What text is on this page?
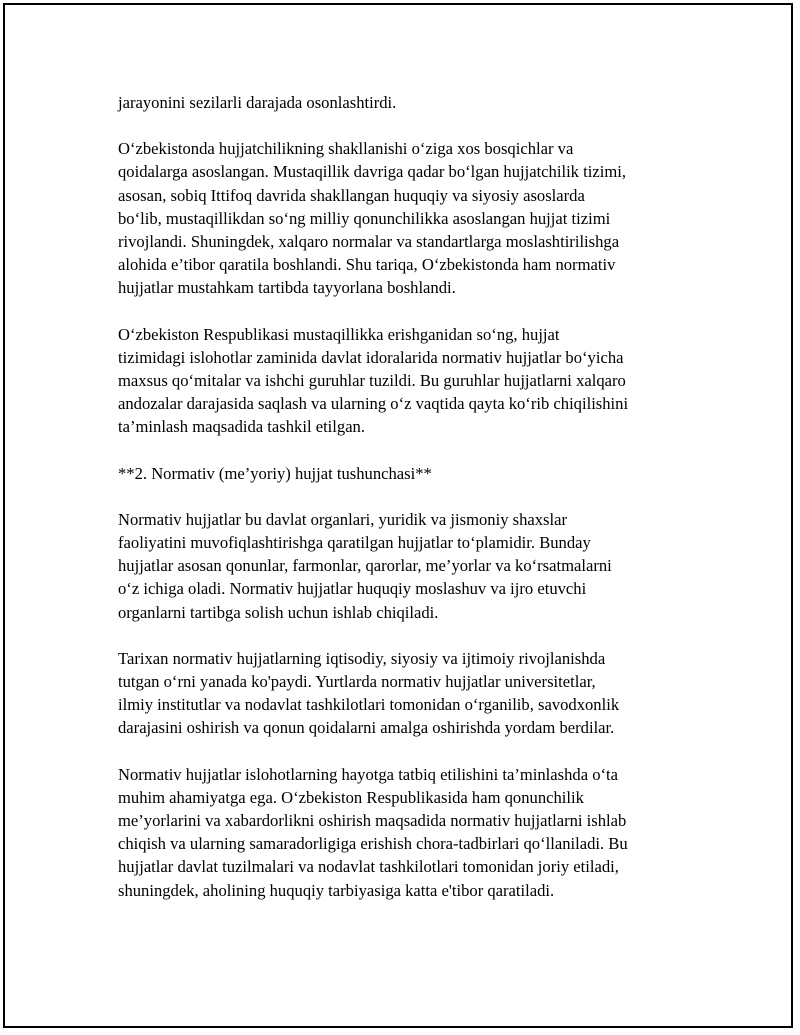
jarayonini sezilarli darajada osonlashtirdi.

O‘zbekistonda hujjatchilikning shakllanishi o‘ziga xos bosqichlar va
qoidalarga asoslangan. Mustaqillik davriga qadar bo‘lgan hujjatchilik tizimi,
asosan, sobiq Ittifoq davrida shakllangan huquqiy va siyosiy asoslarda
bo‘lib, mustaqillikdan so‘ng milliy qonunchilikka asoslangan hujjat tizimi
rivojlandi. Shuningdek, xalqaro normalar va standartlarga moslashtirilishga
alohida e’tibor qaratila boshlandi. Shu tariqa, O‘zbekistonda ham normativ
hujjatlar mustahkam tartibda tayyorlana boshlandi.

O‘zbekiston Respublikasi mustaqillikka erishganidan so‘ng, hujjat
tizimidagi islohotlar zaminida davlat idoralarida normativ hujjatlar bo‘yicha
maxsus qo‘mitalar va ishchi guruhlar tuzildi. Bu guruhlar hujjatlarni xalqaro
andozalar darajasida saqlash va ularning o‘z vaqtida qayta ko‘rib chiqilishini
ta’minlash maqsadida tashkil etilgan.

**2. Normativ (me’yoriy) hujjat tushunchasi**

Normativ hujjatlar bu davlat organlari, yuridik va jismoniy shaxslar
faoliyatini muvofiqlashtirishga qaratilgan hujjatlar to‘plamidir. Bunday
hujjatlar asosan qonunlar, farmonlar, qarorlar, me’yorlar va ko‘rsatmalarni
o‘z ichiga oladi. Normativ hujjatlar huquqiy moslashuv va ijro etuvchi
organlarni tartibga solish uchun ishlab chiqiladi.

Tarixan normativ hujjatlarning iqtisodiy, siyosiy va ijtimoiy rivojlanishda
tutgan o‘rni yanada ko'paydi. Yurtlarda normativ hujjatlar universitetlar,
ilmiy institutlar va nodavlat tashkilotlari tomonidan o‘rganilib, savodxonlik
darajasini oshirish va qonun qoidalarni amalga oshirishda yordam berdilar.

Normativ hujjatlar islohotlarning hayotga tatbiq etilishini ta’minlashda o‘ta
muhim ahamiyatga ega. O‘zbekiston Respublikasida ham qonunchilik
me’yorlarini va xabardorlikni oshirish maqsadida normativ hujjatlarni ishlab
chiqish va ularning samaradorligiga erishish chora-tadbirlari qo‘llaniladi. Bu
hujjatlar davlat tuzilmalari va nodavlat tashkilotlari tomonidan joriy etiladi,
shuningdek, aholining huquqiy tarbiyasiga katta e'tibor qaratiladi.
